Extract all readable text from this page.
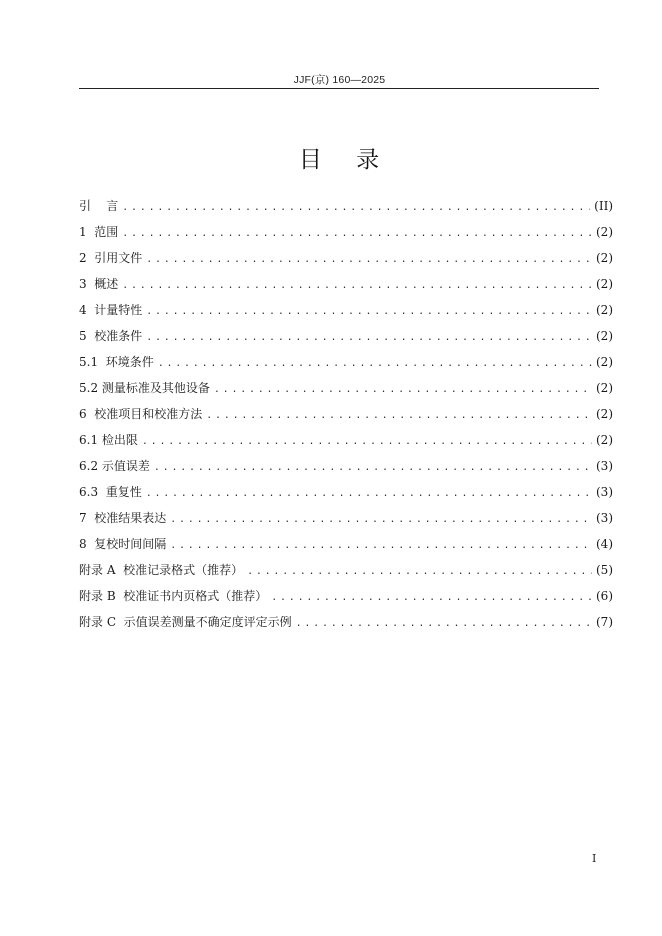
JJF(京) 160—2025
目    录
引    言 .....	(II)
1  范围 .....	(2)
2  引用文件 .....	(2)
3  概述 .....	(2)
4  计量特性 .....	(2)
5  校准条件 .....	(2)
5.1  环境条件 .....	(2)
5.2 测量标准及其他设备 .....	(2)
6  校准项目和校准方法 .....	(2)
6.1 检出限 .....	(2)
6.2 示值误差 .....	(3)
6.3  重复性 .....	(3)
7  校准结果表达 .....	(3)
8  复校时间间隔 .....	(4)
附录 A  校准记录格式（推荐） .....	(5)
附录 B  校准证书内页格式（推荐） .....	(6)
附录 C  示值误差测量不确定度评定示例 .....	(7)
I
